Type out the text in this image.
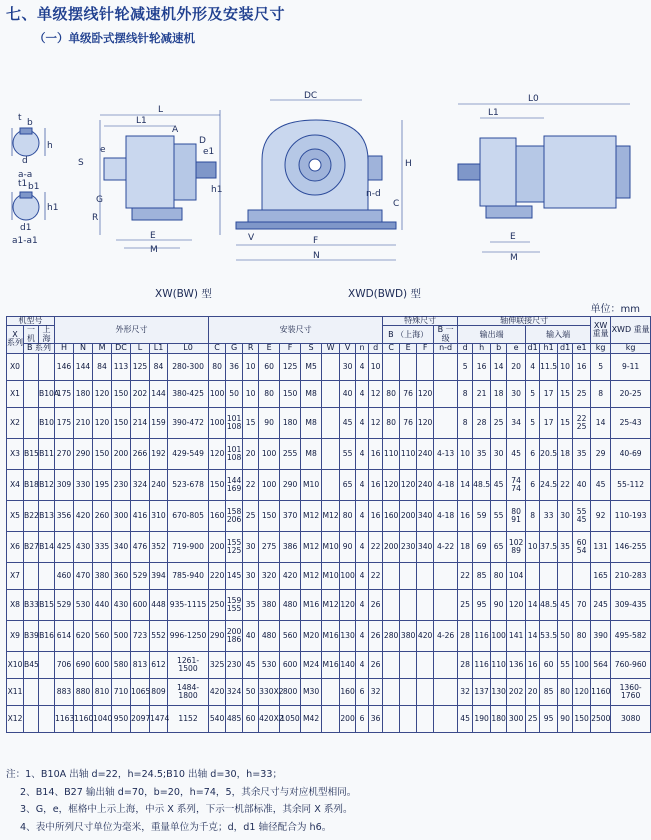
七、单级摆线针轮减速机外形及安装尺寸
（一）单级卧式摆线针轮减速机
t
h
b
d
a-a
t1 b1
h1
d1
a1-a1
L
L1
S
e
G
e1
A
D
h1
R
E
M
DC
H
C
n-d
V	F
N
L0
L1
E
M
XW(BW) 型	XWD(BWD) 型
单位：mm
机型号			外形尺寸							安装尺寸										特殊尺寸				轴伸联接尺寸								XW 重量	XWD 重量
X 系列	一机	上海																		B （上海）			B 一级	输出端				输入端					
	B 系列		H	N	M	DC	L	L1	L0	C	G	R	E	F	S	W	V	n	d	C	E	F	n-d	d	h	b	e	d1	h1	d1	e1	kg	kg
X0			146	144	84	113	125	84	280-300	80	36	10	60	125	M5		30	4	10					5	16	14	20	4	11.5	10	16	5	9-11
X1		B10A	175	180	120	150	202	144	380-425	100	50	10	80	150	M8		40	4	12	80	76	120		8	21	18	30	5	17	15	25	8	20-25
X2		B10	175	210	120	150	214	159	390-472	100	101
108	15	90	180	M8		45	4	12	80	76	120		8	28	25	34	5	17	15	22
25	14	25-43
X3	B15	B11	270	290	150	200	266	192	429-549	120	101
108	20	100	255	M8		55	4	16	110	110	240	4-13	10	35	30	45	6	20.5	18	35	29	40-69
X4	B18	B12	309	330	195	230	324	240	523-678	150	144
169	22	100	290	M10		65	4	16	120	120	240	4-18	14	48.5	45	74
74	6	24.5	22	40	45	55-112
X5	B22	B13	356	420	260	300	416	310	670-805	160	158
206	25	150	370	M12	M12	80	4	16	160	200	340	4-18	16	59	55	80
91	8	33	30	55
45	92	110-193
X6	B27	B14	425	430	335	340	476	352	719-900	200	155
125	30	275	386	M12	M10	90	4	22	200	230	340	4-22	18	69	65	102
89	10	37.5	35	60
54	131	146-255
X7			460	470	380	360	529	394	785-940	220	145	30	320	420	M12	M10	100	4	22					22	85	80	104					165	210-283
X8	B33	B15	529	530	440	430	600	448	935-1115	250	159
155	35	380	480	M16	M12	120	4	26					25	95	90	120	14	48.5	45	70	245	309-435
X9	B39	B16	614	620	560	500	723	552	996-1250	290	200
186	40	480	560	M20	M16	130	4	26	280	380	420	4-26	28	116	100	141	14	53.5	50	80	390	495-582
X10	B45		706	690	600	580	813	612	1261-1500	325	230	45	530	600	M24	M16	140	4	26					28	116	110	136	16	60	55	100	564	760-960
X11			883	880	810	710	1065	809	1484-1800	420	324	50	330X2	800	M30		160	6	32					32	137	130	202	20	85	80	120	1160	1360-1760
X12			1163	1160	1040	950	2097	1474	1152	540	485	60	420X2	1050	M42		200	6	36					45	190	180	300	25	95	90	150	2500	3080
注：1、B10A 出轴 d=22，h=24.5;B10 出轴 d=30，h=33；
2、B14、B27 输出轴 d=70，b=20，h=74，5，其余尺寸与对应机型相同。
3、G，e，框格中上示上海，中示 X 系列，下示一机部标准，其余同 X 系列。
4、表中所列尺寸单位为毫米，重量单位为千克；d，d1 轴径配合为 h6。
